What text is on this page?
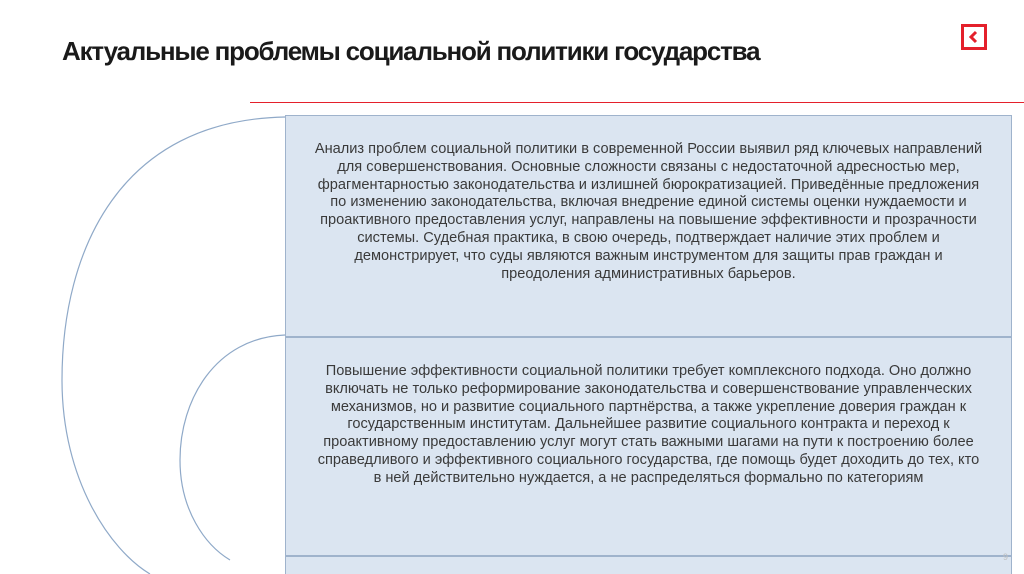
Актуальные проблемы социальной политики государства
Анализ проблем социальной политики в современной России выявил ряд ключевых направлений для совершенствования. Основные сложности связаны с недостаточной адресностью мер, фрагментарностью законодательства и излишней бюрократизацией. Приведённые предложения по изменению законодательства, включая внедрение единой системы оценки нуждаемости и проактивного предоставления услуг, направлены на повышение эффективности и прозрачности системы. Судебная практика, в свою очередь, подтверждает наличие этих проблем и демонстрирует, что суды являются важным инструментом для защиты прав граждан и преодоления административных барьеров.
Повышение эффективности социальной политики требует комплексного подхода. Оно должно включать не только реформирование законодательства и совершенствование управленческих механизмов, но и развитие социального партнёрства, а также укрепление доверия граждан к государственным институтам. Дальнейшее развитие социального контракта и переход к проактивному предоставлению услуг могут стать важными шагами на пути к построению более справедливого и эффективного социального государства, где помощь будет доходить до тех, кто в ней действительно нуждается, а не распределяться формально по категориям
9
